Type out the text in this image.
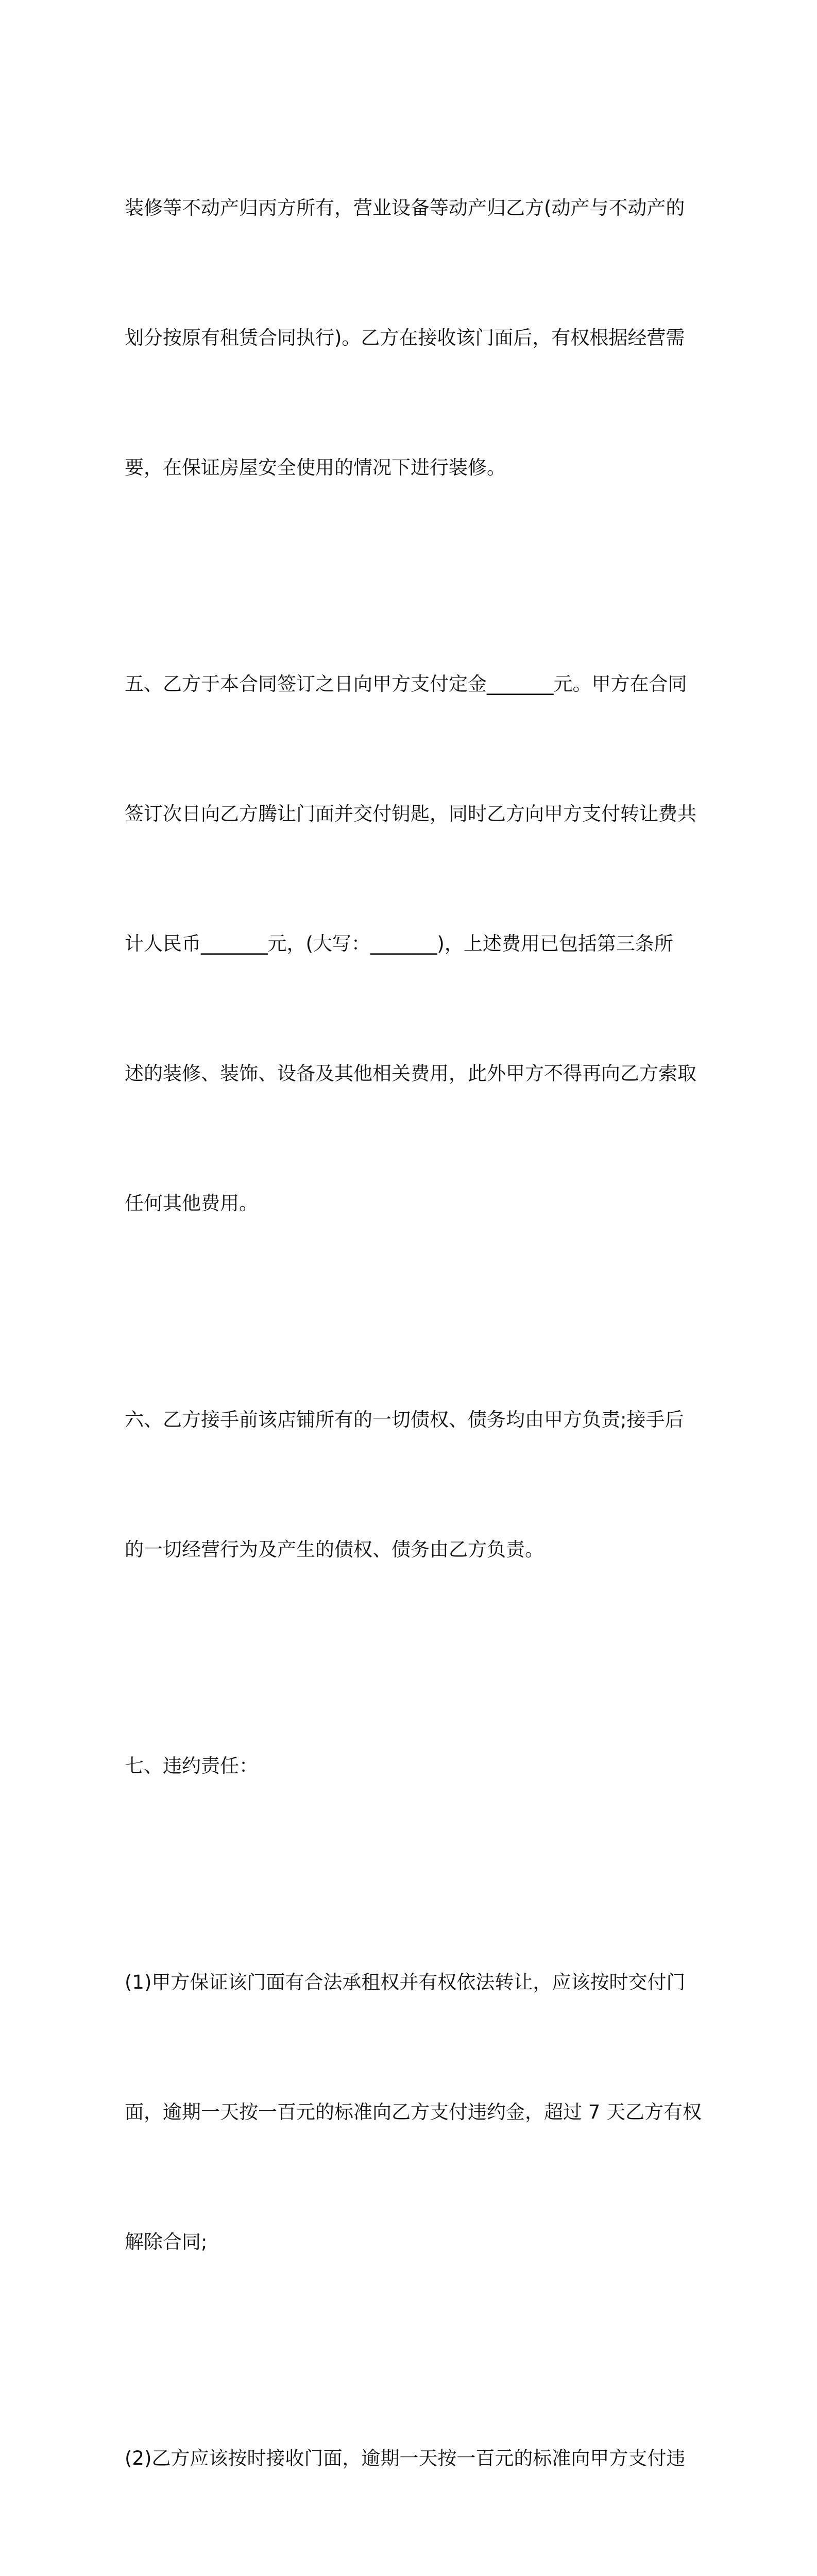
装修等不动产归丙方所有，营业设备等动产归乙方(动产与不动产的

划分按原有租赁合同执行)。乙方在接收该门面后，有权根据经营需

要，在保证房屋安全使用的情况下进行装修。

五、乙方于本合同签订之日向甲方支付定金_______元。甲方在合同

签订次日向乙方腾让门面并交付钥匙，同时乙方向甲方支付转让费共

计人民币_______元，(大写：_______)，上述费用已包括第三条所

述的装修、装饰、设备及其他相关费用，此外甲方不得再向乙方索取

任何其他费用。

六、乙方接手前该店铺所有的一切债权、债务均由甲方负责;接手后

的一切经营行为及产生的债权、债务由乙方负责。

七、违约责任：

(1)甲方保证该门面有合法承租权并有权依法转让，应该按时交付门

面，逾期一天按一百元的标准向乙方支付违约金，超过 7 天乙方有权

解除合同;

(2)乙方应该按时接收门面，逾期一天按一百元的标准向甲方支付违
